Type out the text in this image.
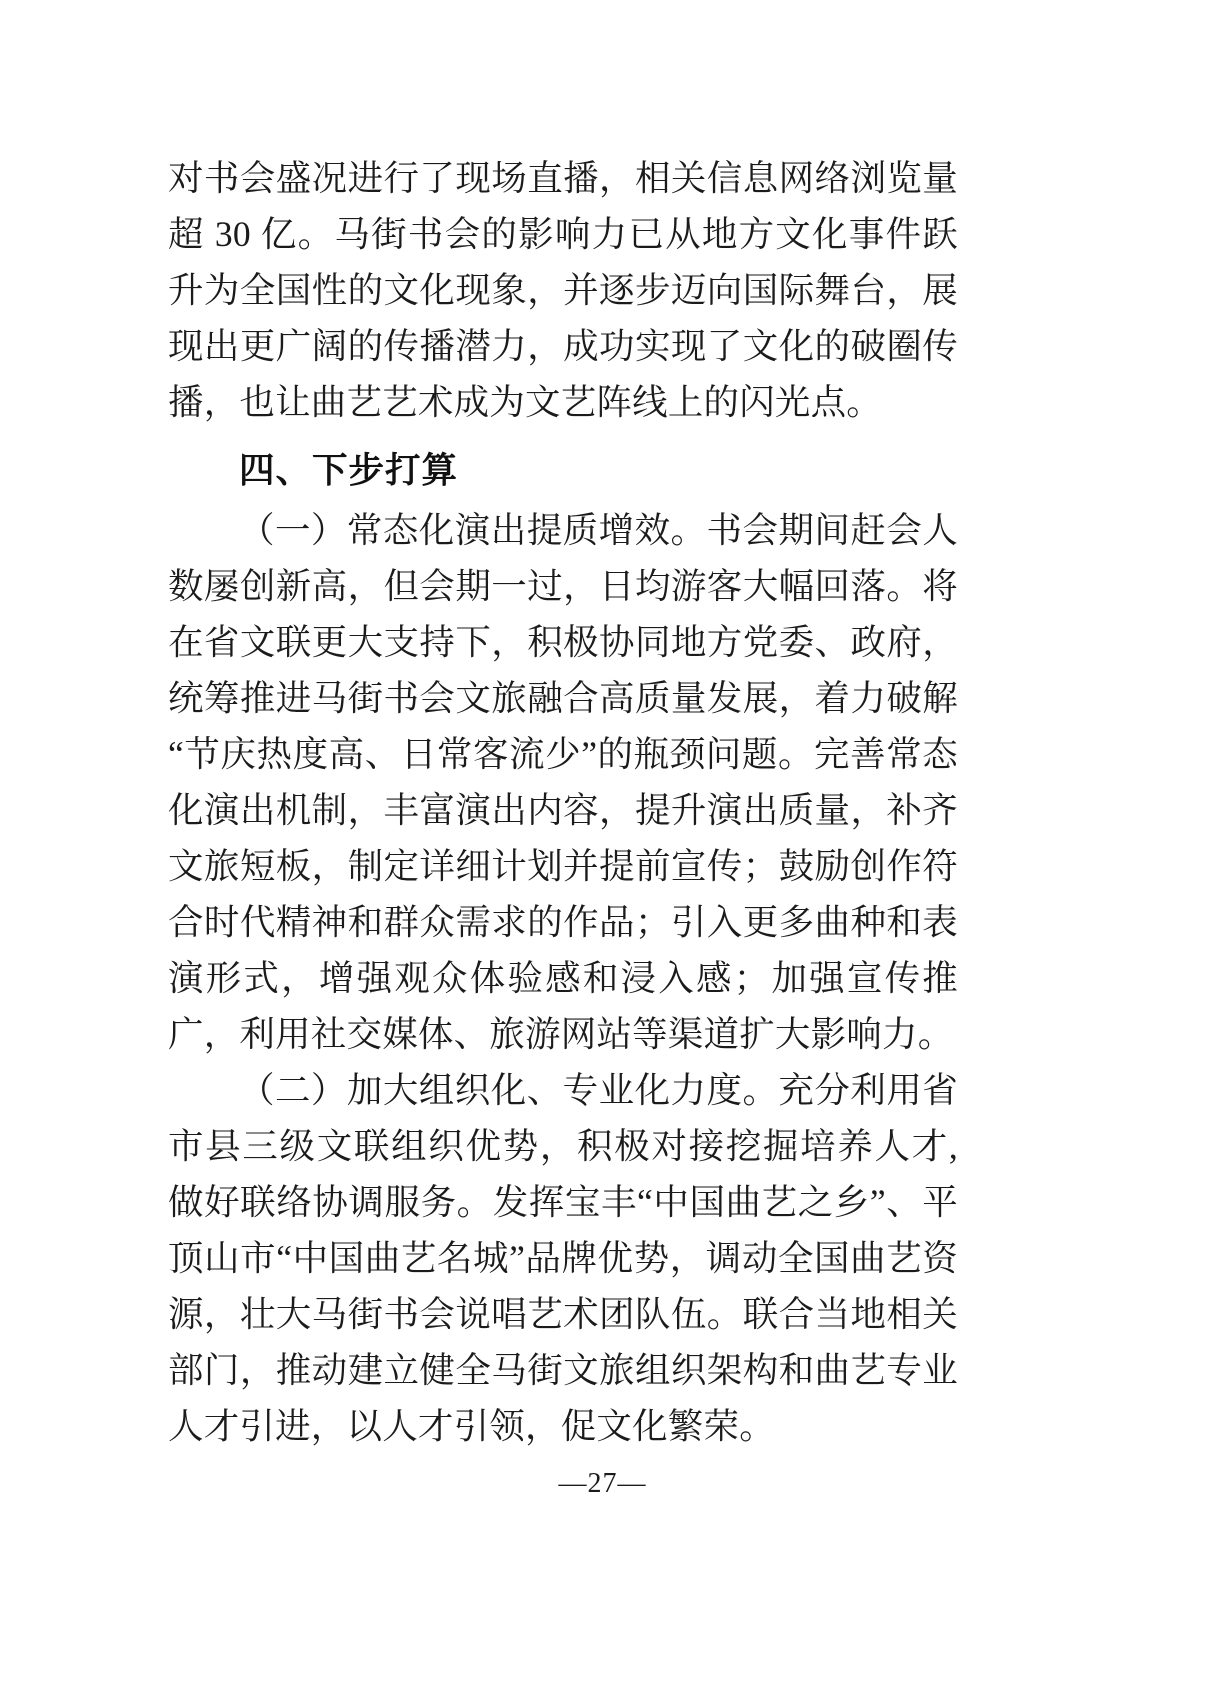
对书会盛况进行了现场直播，相关信息网络浏览量超 30 亿。马街书会的影响力已从地方文化事件跃升为全国性的文化现象，并逐步迈向国际舞台，展现出更广阔的传播潜力，成功实现了文化的破圈传播，也让曲艺艺术成为文艺阵线上的闪光点。

四、下步打算

（一）常态化演出提质增效。书会期间赶会人数屡创新高，但会期一过，日均游客大幅回落。将在省文联更大支持下，积极协同地方党委、政府，统筹推进马街书会文旅融合高质量发展，着力破解“节庆热度高、日常客流少”的瓶颈问题。完善常态化演出机制，丰富演出内容，提升演出质量，补齐文旅短板，制定详细计划并提前宣传；鼓励创作符合时代精神和群众需求的作品；引入更多曲种和表演形式，增强观众体验感和浸入感；加强宣传推广，利用社交媒体、旅游网站等渠道扩大影响力。

（二）加大组织化、专业化力度。充分利用省市县三级文联组织优势，积极对接挖掘培养人才,做好联络协调服务。发挥宝丰“中国曲艺之乡”、平顶山市“中国曲艺名城”品牌优势，调动全国曲艺资源，壮大马街书会说唱艺术团队伍。联合当地相关部门，推动建立健全马街文旅组织架构和曲艺专业人才引进，以人才引领，促文化繁荣。

—27—
